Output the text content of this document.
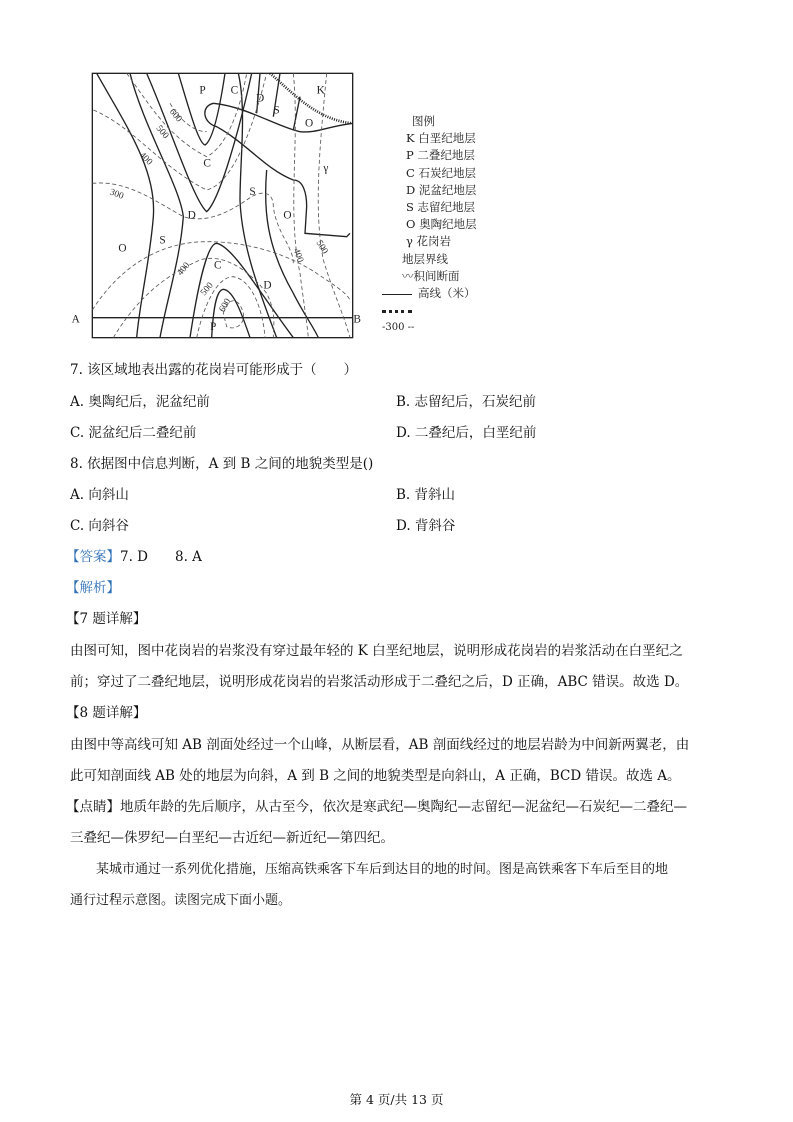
A	B
P C
D
S
K
O
C
S
D	O
γ
O
S
D
C
P
600
500
400
300
400 500
400
500
600
图例
K 白垩纪地层
P 二叠纪地层
C 石炭纪地层
D 泥盆纪地层
S 志留纪地层
O 奥陶纪地层
γ 花岗岩
地层界线
〰积间断面
高线（米）
-300 --
7. 该区域地表出露的花岗岩可能形成于（　　）
A. 奥陶纪后，泥盆纪前	B. 志留纪后，石炭纪前
C. 泥盆纪后二叠纪前	D. 二叠纪后，白垩纪前
8. 依据图中信息判断，A 到 B 之间的地貌类型是()
A. 向斜山	B. 背斜山
C. 向斜谷	D. 背斜谷
【答案】7. D　　8. A
【解析】
【7 题详解】
由图可知，图中花岗岩的岩浆没有穿过最年轻的 K 白垩纪地层，说明形成花岗岩的岩浆活动在白垩纪之
前；穿过了二叠纪地层，说明形成花岗岩的岩浆活动形成于二叠纪之后，D 正确，ABC 错误。故选 D。
【8 题详解】
由图中等高线可知 AB 剖面处经过一个山峰，从断层看，AB 剖面线经过的地层岩龄为中间新两翼老，由
此可知剖面线 AB 处的地层为向斜，A 到 B 之间的地貌类型是向斜山，A 正确，BCD 错误。故选 A。
【点睛】地质年龄的先后顺序，从古至今，依次是寒武纪—奥陶纪—志留纪—泥盆纪—石炭纪—二叠纪—
三叠纪—侏罗纪—白垩纪—古近纪—新近纪—第四纪。
　　某城市通过一系列优化措施，压缩高铁乘客下车后到达目的地的时间。图是高铁乘客下车后至目的地
通行过程示意图。读图完成下面小题。
第 4 页/共 13 页
